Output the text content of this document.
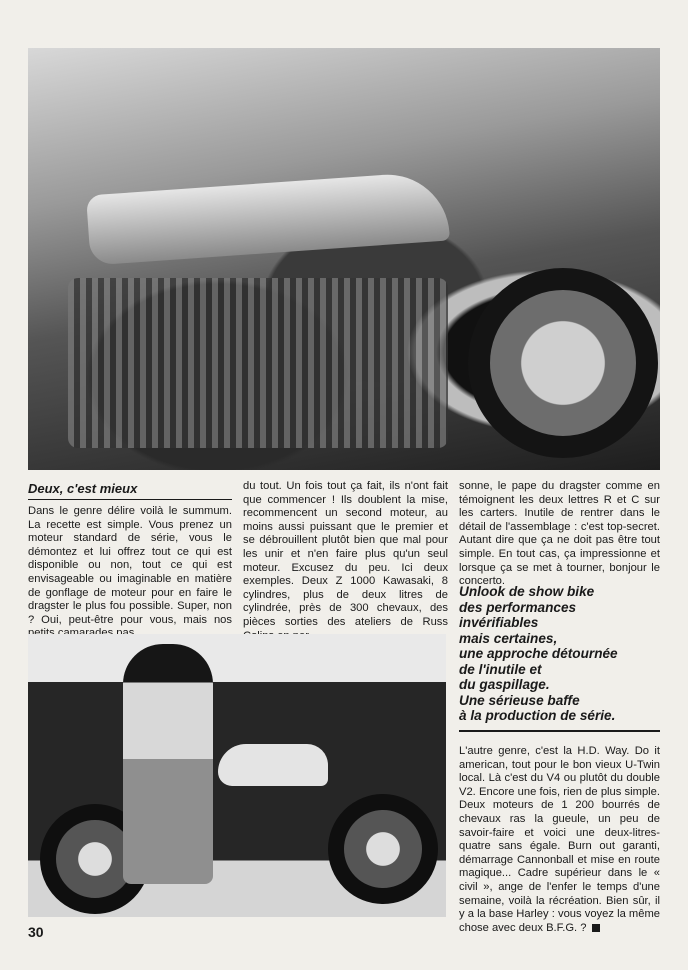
Deux, c'est mieux

Dans le genre délire voilà le summum. La recette est simple. Vous prenez un moteur standard de série, vous le démontez et lui offrez tout ce qui est disponible ou non, tout ce qui est envisageable ou imaginable en matière de gonflage de moteur pour en faire le dragster le plus fou possible. Super, non ? Oui, peut-être pour vous, mais nos

du tout. Un fois tout ça fait, ils n'ont fait que commencer ! Ils doublent la mise, recommencent un second moteur, au moins aussi puissant que le premier et se débrouillent plutôt bien que mal pour les unir et n'en faire plus qu'un seul moteur. Excusez du peu. Ici deux exemples. Deux Z 1000 Kawasaki, 8 cylindres, plus de deux litres de cylindrée, près de 300 chevaux, des pièces sorties des ateliers de Russ

sonne, le pape du dragster comme en témoignent les deux lettres R et C sur les carters. Inutile de rentrer dans le détail de l'assemblage : c'est top-secret. Autant dire que ça ne doit pas être tout simple. En tout cas, ça impressionne et lorsque ça se met à tourner, bonjour le concerto.

Unlook de show bike
des performances
invérifiables
mais certaines,
une approche détournée
de l'inutile et
du gaspillage.
Une sérieuse baffe
à la production de série.

L'autre genre, c'est la H.D. Way. Do it american, tout pour le bon vieux U-Twin local. Là c'est du V4 ou plutôt du double V2. Encore une fois, rien de plus simple. Deux moteurs de 1 200 bourrés de chevaux ras la gueule, un peu de savoir-faire et voici une deux-litres-quatre sans égale. Burn out garanti, démarrage Cannonball et mise en route magique... Cadre supérieur dans le « civil », ange de l'enfer le temps d'une semaine, voilà la récréation. Bien sûr, il y a la base Harley : vous voyez la même chose avec deux B.F.G. ?

30
